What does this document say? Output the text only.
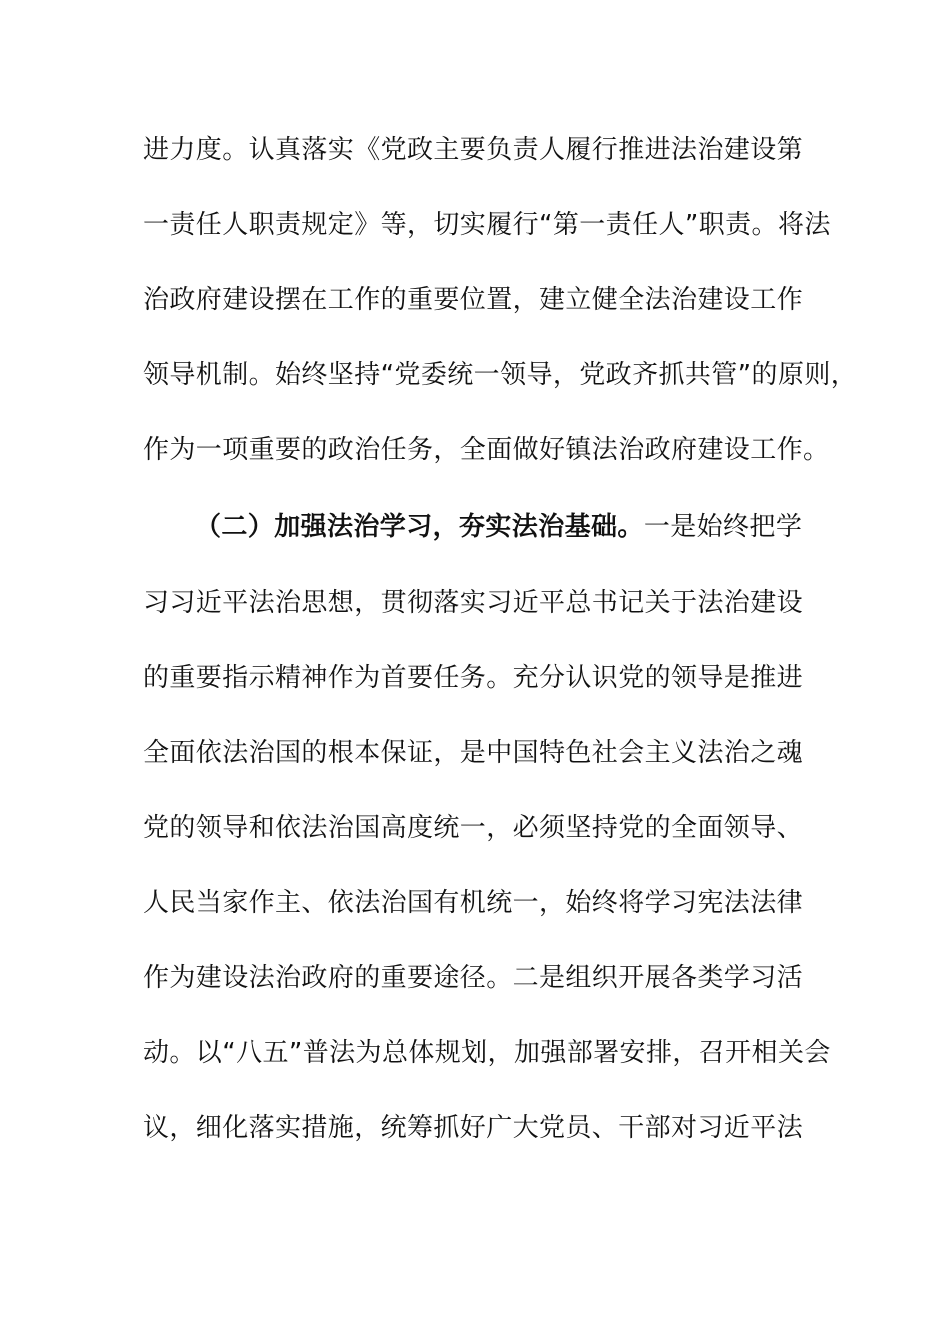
进力度。认真落实《党政主要负责人履行推进法治建设第
一责任人职责规定》等，切实履行“第一责任人”职责。将法
治政府建设摆在工作的重要位置，建立健全法治建设工作
领导机制。始终坚持“党委统一领导，党政齐抓共管”的原则，
作为一项重要的政治任务，全面做好镇法治政府建设工作。
（二）加强法治学习，夯实法治基础。一是始终把学
习习近平法治思想，贯彻落实习近平总书记关于法治建设
的重要指示精神作为首要任务。充分认识党的领导是推进
全面依法治国的根本保证，是中国特色社会主义法治之魂
党的领导和依法治国高度统一，必须坚持党的全面领导、
人民当家作主、依法治国有机统一，始终将学习宪法法律
作为建设法治政府的重要途径。二是组织开展各类学习活
动。以“八五”普法为总体规划，加强部署安排，召开相关会
议，细化落实措施，统筹抓好广大党员、干部对习近平法
